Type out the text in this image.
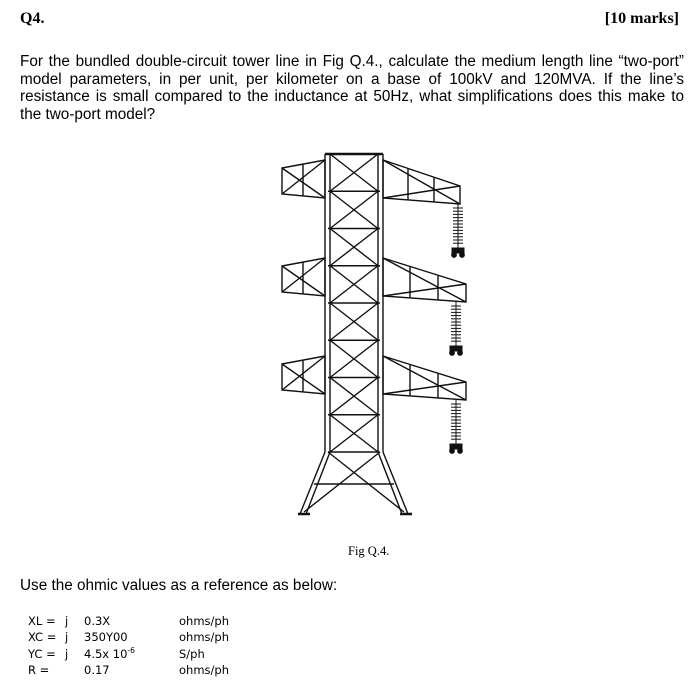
Q4.	[10 marks]
For the bundled double-circuit tower line in Fig Q.4., calculate the medium length line “two-port” model parameters, in per unit, per kilometer on a base of 100kV and 120MVA. If the line’s resistance is small compared to the inductance at 50Hz, what simplifications does this make to the two-port model?
Fig Q.4.
Use the ohmic values as a reference as below:
XL = j 0.3X	ohms/ph
XC = j 350Y00	ohms/ph
YC = j 4.5x $10^{-6}$	S/ph
R =	0.17	ohms/ph
